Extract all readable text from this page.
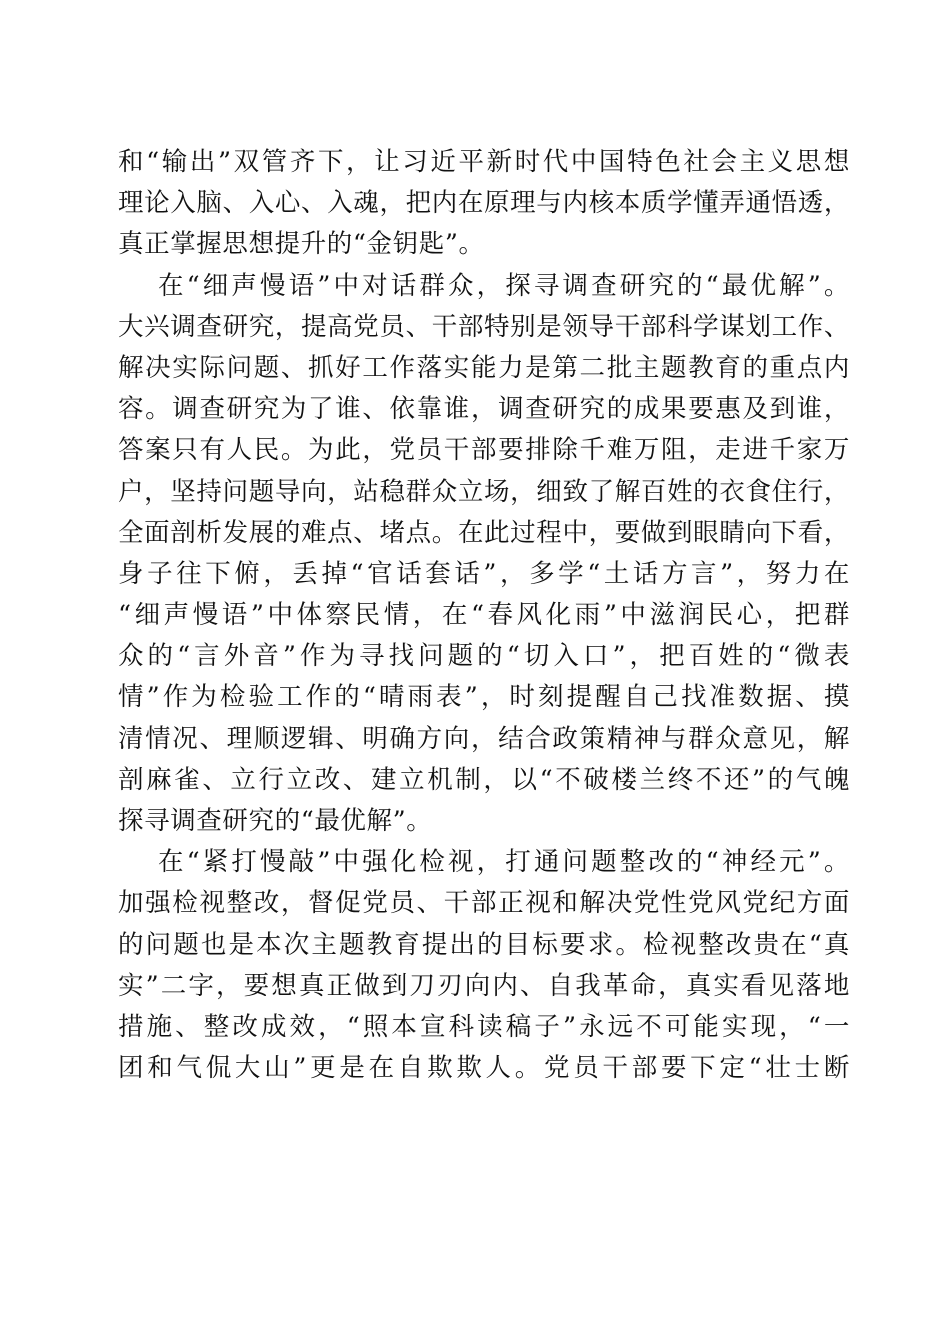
和“输出”双管齐下，让习近平新时代中国特色社会主义思想
理论入脑、入心、入魂，把内在原理与内核本质学懂弄通悟透，
真正掌握思想提升的“金钥匙”。
在“细声慢语”中对话群众，探寻调查研究的“最优解”。
大兴调查研究，提高党员、干部特别是领导干部科学谋划工作、
解决实际问题、抓好工作落实能力是第二批主题教育的重点内
容。调查研究为了谁、依靠谁，调查研究的成果要惠及到谁，
答案只有人民。为此，党员干部要排除千难万阻，走进千家万
户，坚持问题导向，站稳群众立场，细致了解百姓的衣食住行，
全面剖析发展的难点、堵点。在此过程中，要做到眼睛向下看，
身子往下俯，丢掉“官话套话”，多学“土话方言”，努力在
“细声慢语”中体察民情，在“春风化雨”中滋润民心，把群
众的“言外音”作为寻找问题的“切入口”，把百姓的“微表
情”作为检验工作的“晴雨表”，时刻提醒自己找准数据、摸
清情况、理顺逻辑、明确方向，结合政策精神与群众意见，解
剖麻雀、立行立改、建立机制，以“不破楼兰终不还”的气魄
探寻调查研究的“最优解”。
在“紧打慢敲”中强化检视，打通问题整改的“神经元”。
加强检视整改，督促党员、干部正视和解决党性党风党纪方面
的问题也是本次主题教育提出的目标要求。检视整改贵在“真
实”二字，要想真正做到刀刃向内、自我革命，真实看见落地
措施、整改成效，“照本宣科读稿子”永远不可能实现，“一
团和气侃大山”更是在自欺欺人。党员干部要下定“壮士断
